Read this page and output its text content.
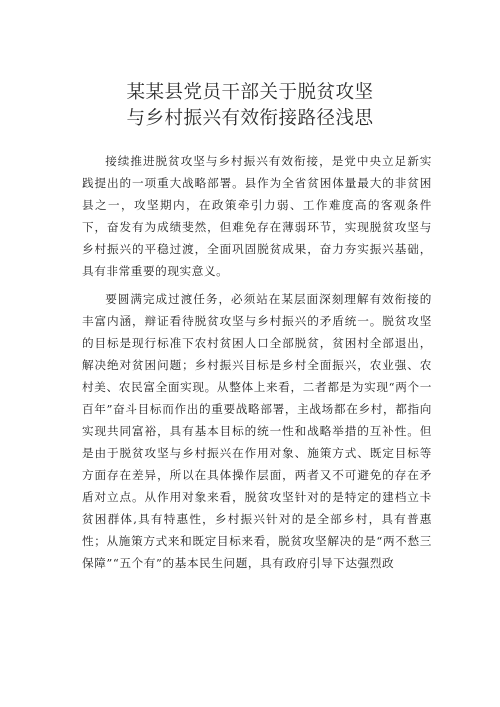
某某县党员干部关于脱贫攻坚
与乡村振兴有效衔接路径浅思

接续推进脱贫攻坚与乡村振兴有效衔接，是党中央立足新实践提出的一项重大战略部署。县作为全省贫困体量最大的非贫困县之一，攻坚期内，在政策牵引力弱、工作难度高的客观条件下，奋发有为成绩斐然，但难免存在薄弱环节，实现脱贫攻坚与乡村振兴的平稳过渡，全面巩固脱贫成果，奋力夯实振兴基础，具有非常重要的现实意义。

要圆满完成过渡任务，必须站在某层面深刻理解有效衔接的丰富内涵，辩证看待脱贫攻坚与乡村振兴的矛盾统一。脱贫攻坚的目标是现行标准下农村贫困人口全部脱贫，贫困村全部退出，解决绝对贫困问题；乡村振兴目标是乡村全面振兴，农业强、农村美、农民富全面实现。从整体上来看，二者都是为实现“两个一百年”奋斗目标而作出的重要战略部署，主战场都在乡村，都指向实现共同富裕，具有基本目标的统一性和战略举措的互补性。但是由于脱贫攻坚与乡村振兴在作用对象、施策方式、既定目标等方面存在差异，所以在具体操作层面，两者又不可避免的存在矛盾对立点。从作用对象来看，脱贫攻坚针对的是特定的建档立卡贫困群体,具有特惠性，乡村振兴针对的是全部乡村，具有普惠性；从施策方式来和既定目标来看，脱贫攻坚解决的是“两不愁三保障”“五个有”的基本民生问题，具有政府引导下达强烈政
